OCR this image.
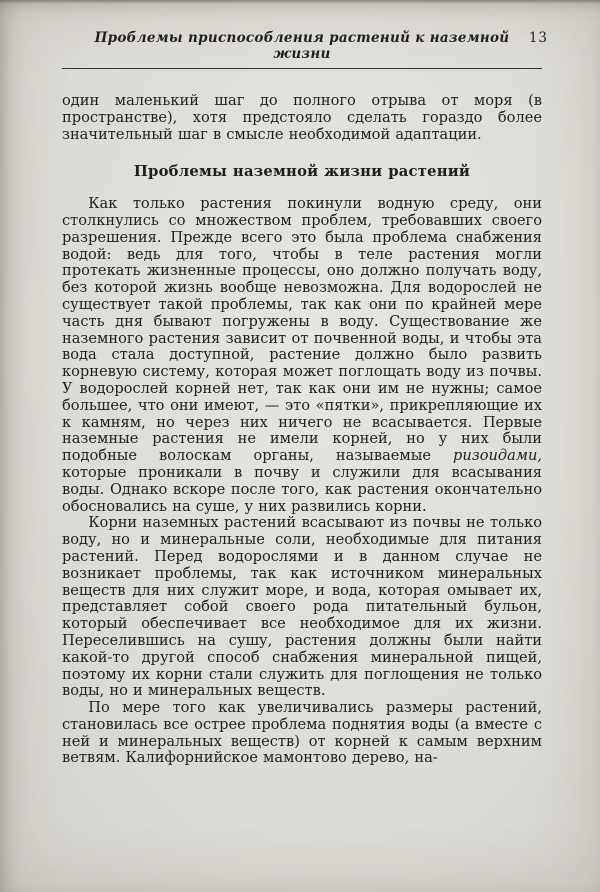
Проблемы приспособления растений к наземной жизни
13

один маленький шаг до полного отрыва от моря (в пространстве), хотя предстояло сделать гораздо более значительный шаг в смысле необходимой адаптации.

Проблемы наземной жизни растений

Как только растения покинули водную среду, они столкнулись со множеством проблем, требовавших своего разрешения. Прежде всего это была проблема снабжения водой: ведь для того, чтобы в теле растения могли протекать жизненные процессы, оно должно получать воду, без которой жизнь вообще невозможна. Для водорослей не существует такой проблемы, так как они по крайней мере часть дня бывают погружены в воду. Существование же наземного растения зависит от почвенной воды, и чтобы эта вода стала доступной, растение должно было развить корневую систему, которая может поглощать воду из почвы. У водорослей корней нет, так как они им не нужны; самое большее, что они имеют, — это «пятки», прикрепляющие их к камням, но через них ничего не всасывается. Первые наземные растения не имели корней, но у них были подобные волоскам органы, называемые ризоидами, которые проникали в почву и служили для всасывания воды. Однако вскоре после того, как растения окончательно обосновались на суше, у них развились корни.

Корни наземных растений всасывают из почвы не только воду, но и минеральные соли, необходимые для питания растений. Перед водорослями и в данном случае не возникает проблемы, так как источником минеральных веществ для них служит море, и вода, которая омывает их, представляет собой своего рода питательный бульон, который обеспечивает все необходимое для их жизни. Переселившись на сушу, растения должны были найти какой-то другой способ снабжения минеральной пищей, поэтому их корни стали служить для поглощения не только воды, но и минеральных веществ.

По мере того как увеличивались размеры растений, становилась все острее проблема поднятия воды (а вместе с ней и минеральных веществ) от корней к самым верхним ветвям. Калифорнийское мамонтово дерево, на-
